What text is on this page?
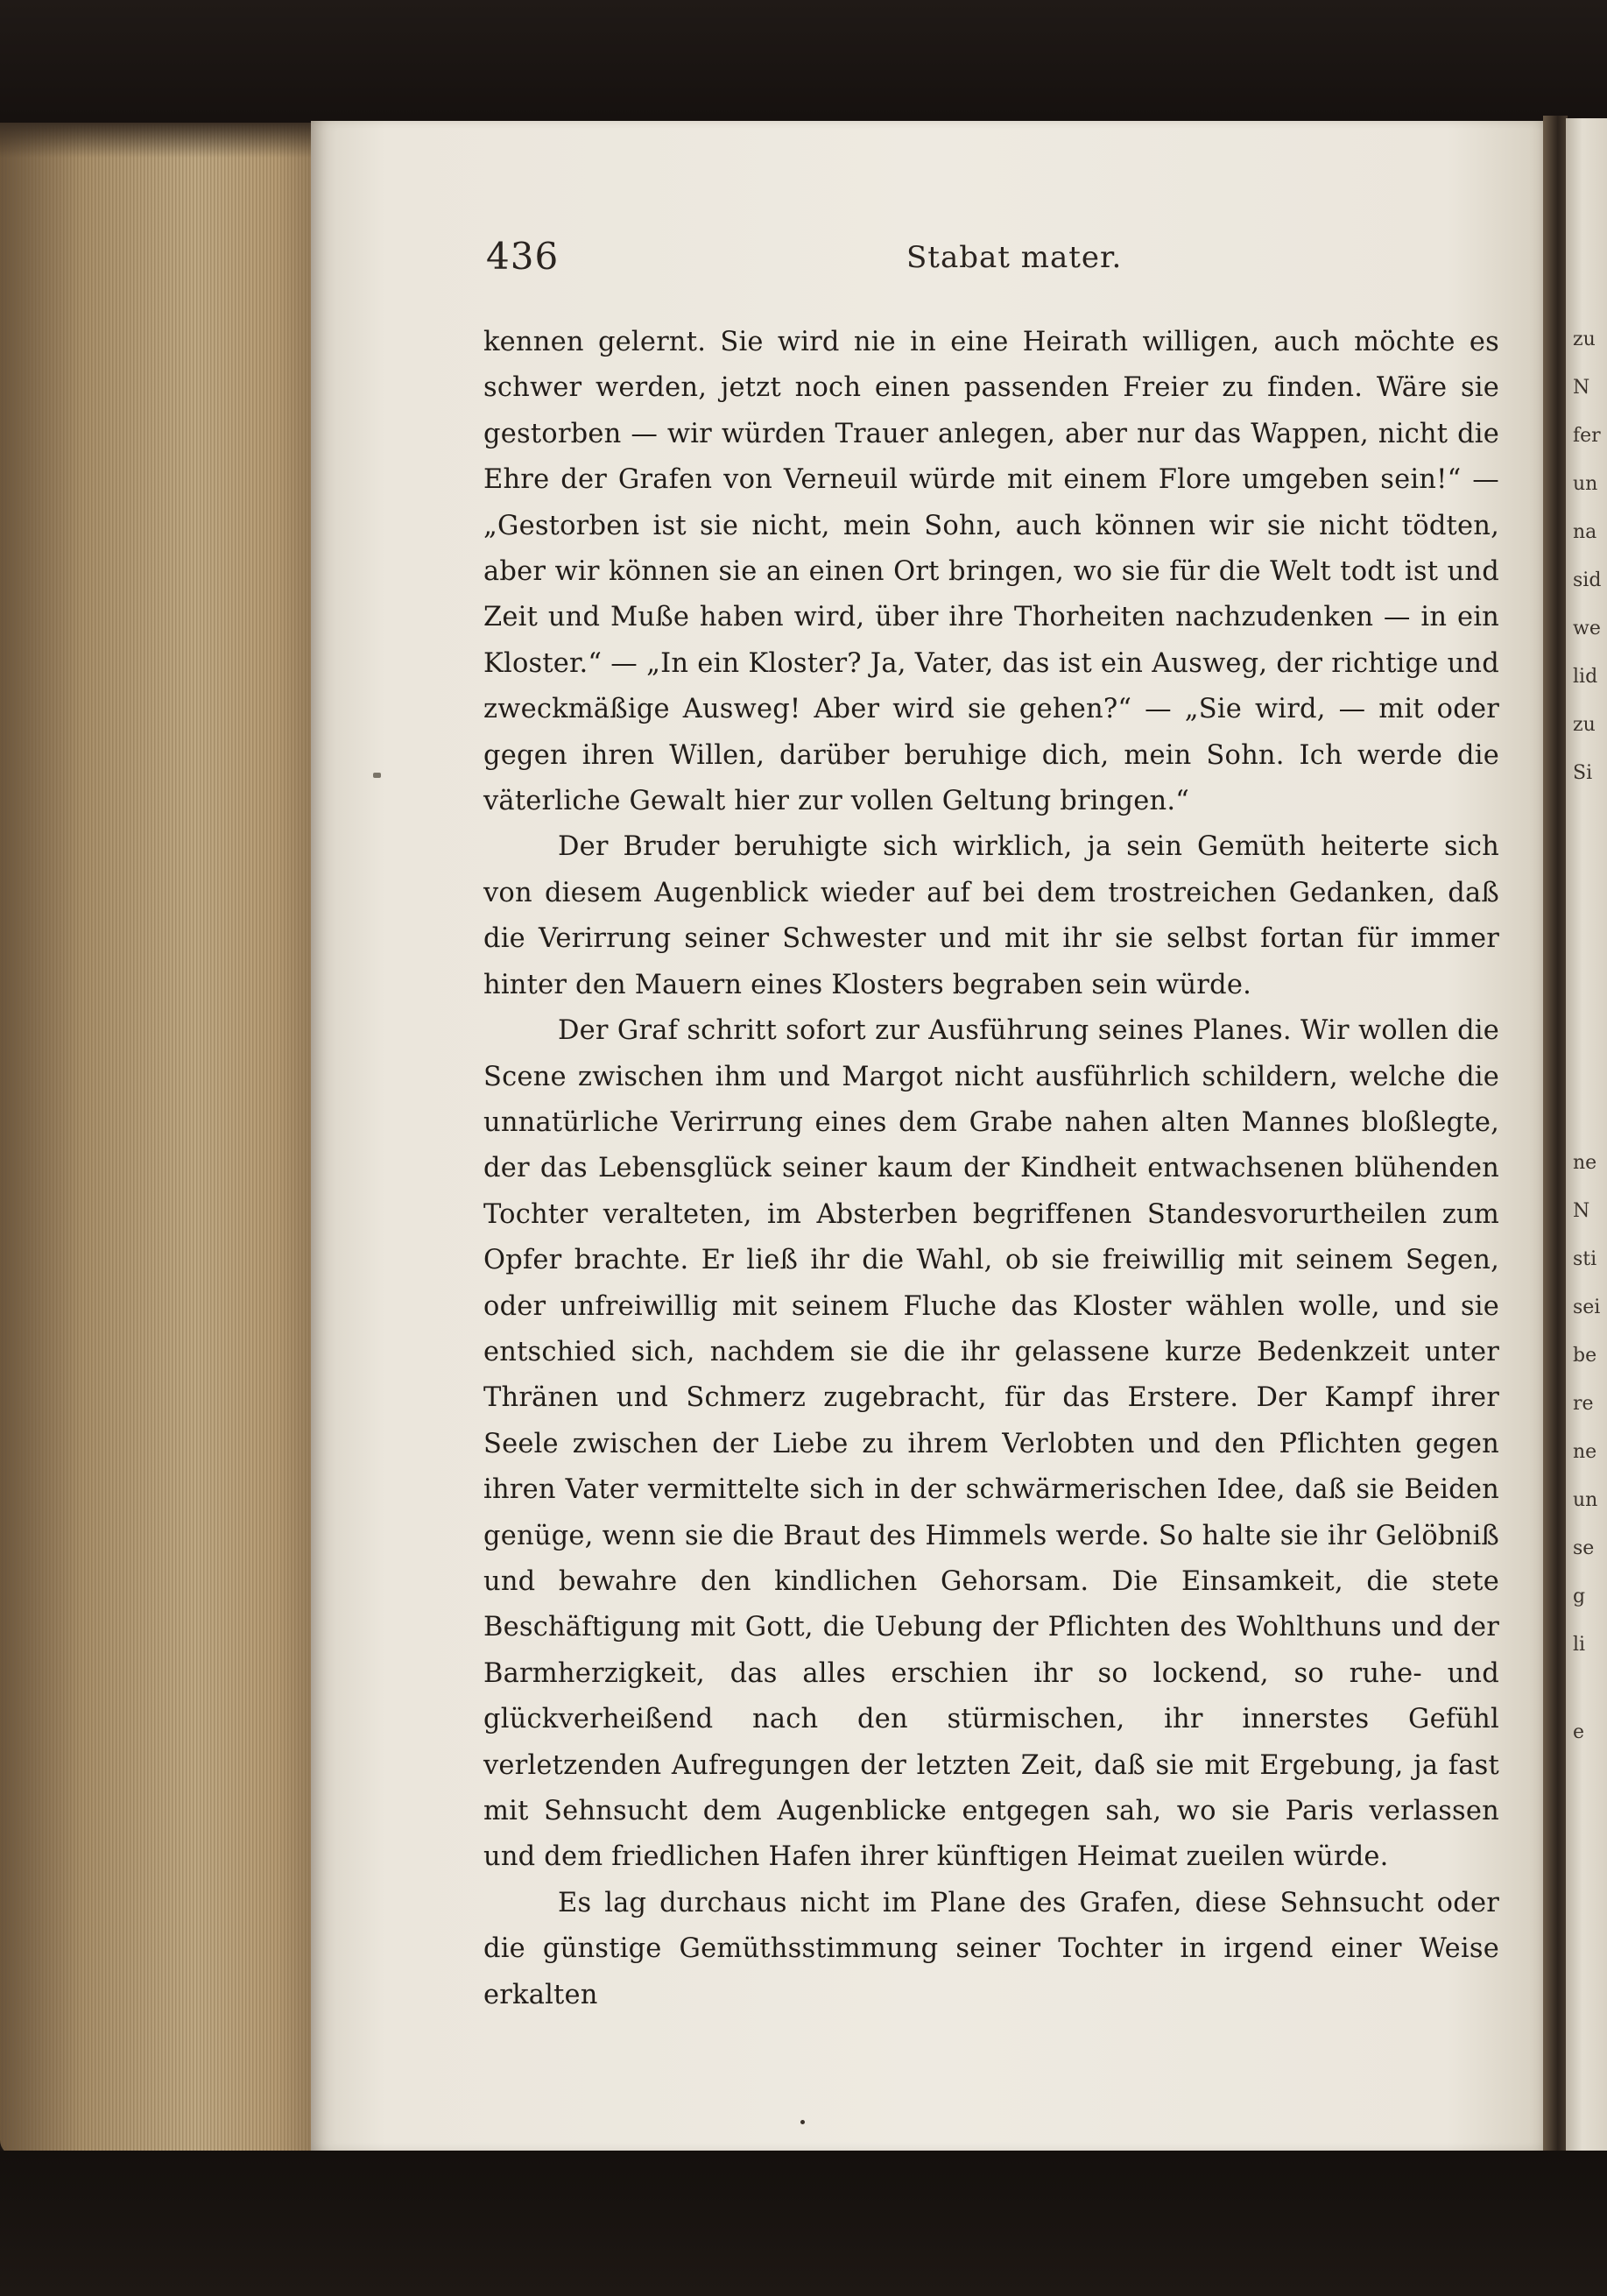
zu
N
fer
un
na
sid
we
lid
zu
Si
ne
N
sti
sei
be
re
ne
un
se
g
li
e
436	Stabat mater.

kennen gelernt. Sie wird nie in eine Heirath willigen, auch möchte es schwer werden, jetzt noch einen passenden Freier zu finden. Wäre sie gestorben — wir würden Trauer anlegen, aber nur das Wappen, nicht die Ehre der Grafen von Verneuil würde mit einem Flore umgeben sein!“ — „Gestorben ist sie nicht, mein Sohn, auch können wir sie nicht tödten, aber wir können sie an einen Ort bringen, wo sie für die Welt todt ist und Zeit und Muße haben wird, über ihre Thorheiten nachzudenken — in ein Kloster.“ — „In ein Kloster? Ja, Vater, das ist ein Ausweg, der richtige und zweckmäßige Ausweg! Aber wird sie gehen?“ — „Sie wird, — mit oder gegen ihren Willen, darüber beruhige dich, mein Sohn. Ich werde die väterliche Gewalt hier zur vollen Geltung bringen.“

Der Bruder beruhigte sich wirklich, ja sein Gemüth heiterte sich von diesem Augenblick wieder auf bei dem trostreichen Gedanken, daß die Verirrung seiner Schwester und mit ihr sie selbst fortan für immer hinter den Mauern eines Klosters begraben sein würde.

Der Graf schritt sofort zur Ausführung seines Planes. Wir wollen die Scene zwischen ihm und Margot nicht ausführlich schildern, welche die unnatürliche Verirrung eines dem Grabe nahen alten Mannes bloßlegte, der das Lebensglück seiner kaum der Kindheit entwachsenen blühenden Tochter veralteten, im Absterben begriffenen Standesvorurtheilen zum Opfer brachte. Er ließ ihr die Wahl, ob sie freiwillig mit seinem Segen, oder unfreiwillig mit seinem Fluche das Kloster wählen wolle, und sie entschied sich, nachdem sie die ihr gelassene kurze Bedenkzeit unter Thränen und Schmerz zugebracht, für das Erstere. Der Kampf ihrer Seele zwischen der Liebe zu ihrem Verlobten und den Pflichten gegen ihren Vater vermittelte sich in der schwärmerischen Idee, daß sie Beiden genüge, wenn sie die Braut des Himmels werde. So halte sie ihr Gelöbniß und bewahre den kindlichen Gehorsam. Die Einsamkeit, die stete Beschäftigung mit Gott, die Uebung der Pflichten des Wohlthuns und der Barmherzigkeit, das alles erschien ihr so lockend, so ruhe- und glückverheißend nach den stürmischen, ihr innerstes Gefühl verletzenden Aufregungen der letzten Zeit, daß sie mit Ergebung, ja fast mit Sehnsucht dem Augenblicke entgegen sah, wo sie Paris verlassen und dem friedlichen Hafen ihrer künftigen Heimat zueilen würde.

Es lag durchaus nicht im Plane des Grafen, diese Sehnsucht oder die günstige Gemüthsstimmung seiner Tochter in irgend einer Weise erkalten
